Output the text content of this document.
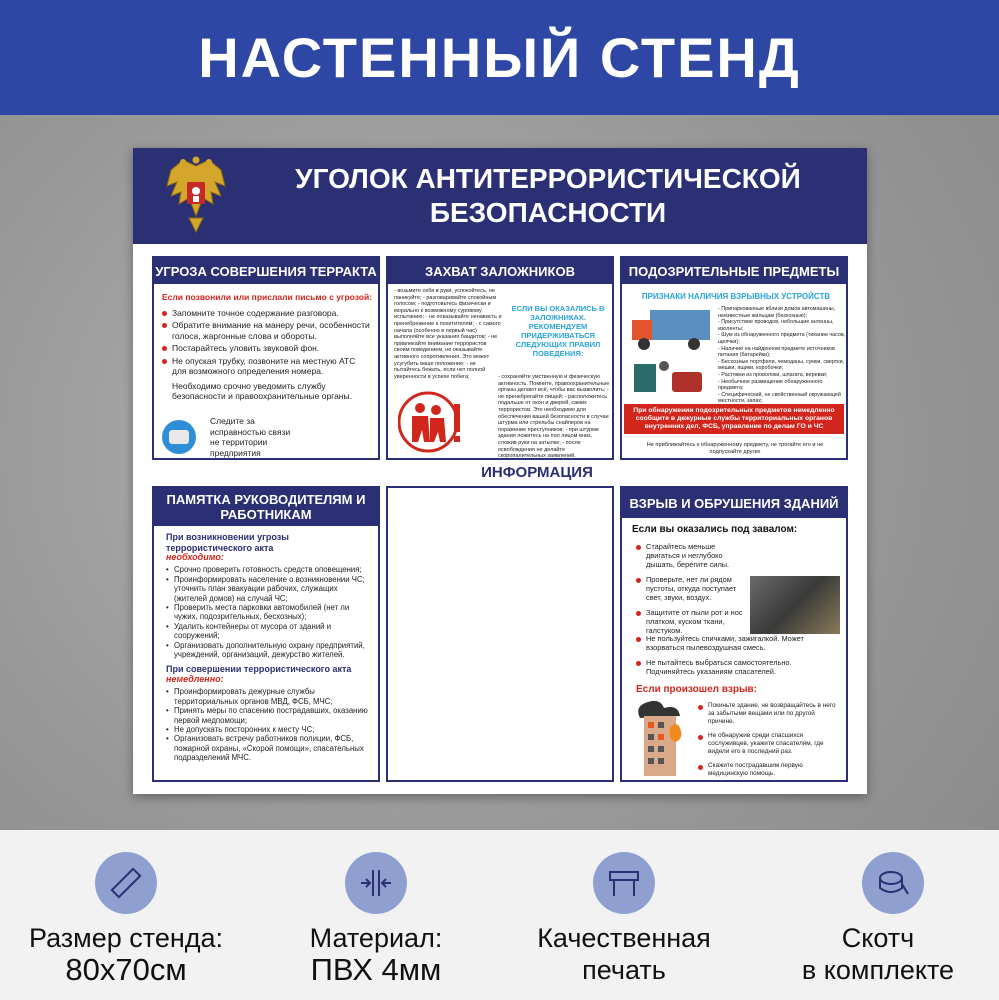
НАСТЕННЫЙ СТЕНД
УГОЛОК АНТИТЕРРОРИСТИЧЕСКОЙ
БЕЗОПАСНОСТИ
УГРОЗА СОВЕРШЕНИЯ ТЕРРАКТА
Если позвонили или прислали письмо с угрозой:
Запомните точное содержание разговора.
Обратите внимание на манеру речи, особенности голоса, жаргонные слова и обороты.
Постарайтесь уловить звуковой фон.
Не опуская трубку, позвоните на местную АТС для возможного определения номера.
Необходимо срочно уведомить службу безопасности и правоохранительные органы.
Следите за исправностью связи не территории предприятия
ЗАХВАТ ЗАЛОЖНИКОВ
- возьмите себя в руки, успокойтесь, не паникуйте; - разговаривайте спокойным голосом; - подготовьтесь физически и морально к возможному суровому испытанию; - не показывайте ненависть и пренебрежение к похитителям; - с самого начала (особенно в первый час) выполняйте все указания бандитов; - не привлекайте внимание террористов своим поведением, не оказывайте активного сопротивления. Это может усугубить ваше положение; - не пытайтесь бежать, если нет полной уверенности в успехе побега;
ЕСЛИ ВЫ ОКАЗАЛИСЬ В ЗАЛОЖНИКАХ. РЕКОМЕНДУЕМ ПРИДЕРЖИВАТЬСЯ СЛЕДУЮЩИХ ПРАВИЛ ПОВЕДЕНИЯ:
- сохраняйте умственную и физическую активность. Помните, правоохранительные органы делают всё, чтобы вас вызволить; - не пренебрегайте пищей; - расположитесь подальше от окон и дверей, самих террористов. Это необходимо для обеспечения вашей безопасности в случае штурма или стрельбы снайперов на поражение преступников; - при штурме здания ложитесь на пол лицом вниз, сложив руки на затылке; - после освобождения не делайте скоропалительных заявлений.
ПОДОЗРИТЕЛЬНЫЕ ПРЕДМЕТЫ
ПРИЗНАКИ НАЛИЧИЯ ВЗРЫВНЫХ УСТРОЙСТВ
- Припаркованные вблизи домов автомашины, неизвестные жильцам (безхозные);
- Присутствие проводов, небольшие антенны, изоленты;
- Шум из обнаруженного предмета (тикание часов, щелчки);
- Наличие на найденном предмете источников питания (батарейки);
- Бесхозные портфели, чемоданы, сумки, свертки, мешки, ящики, коробочки;
- Растяжки из проволоки, шпагата, веревки;
- Необычное размещение обнаруженного предмета;
- Специфический, не свойственный окружающей местности, запах;
При обнаружении подозрительных предметов немедленно сообщите в дежурные службы территориальных органов внутренних дел, ФСБ, управление по делам ГО и ЧС
Не приближайтесь к обнаруженному предмету, не трогайте его и не подпускайте других
ИНФОРМАЦИЯ
ПАМЯТКА РУКОВОДИТЕЛЯМ И РАБОТНИКАМ
При возникновении угрозы террористического акта
необходимо:
• Срочно проверить готовность средств оповещения;
• Проинформировать население о возникновении ЧС; уточнить план эвакуации рабочих, служащих (жителей домов) на случай ЧС;
• Проверить места парковки автомобилей (нет ли чужих, подозрительных, бесхозных);
• Удалить контейнеры от мусора от зданий и сооружений;
• Организовать дополнительную охрану предприятий, учреждений, организаций, дежурство жителей.
При совершении террористического акта
немедленно:
• Проинформировать дежурные службы территориальных органов МВД, ФСБ, МЧС;
• Принять меры по спасению пострадавших, оказанию первой медпомощи;
• Не допускать посторонних к месту ЧС;
• Организовать встречу работников полиции, ФСБ, пожарной охраны, «Скорой помощи», спасательных подразделений МЧС.
ВЗРЫВ И ОБРУШЕНИЯ ЗДАНИЙ
Если вы оказались под завалом:
Старайтесь меньше двигаться и неглубоко дышать, берегите силы.
Проверьте, нет ли рядом пустоты, откуда поступает свет, звуки, воздух.
Защитите от пыли рот и нос платком, куском ткани, галстуком.
Не пользуйтесь спичками, зажигалкой. Может взорваться пылевоздушная смесь.
Не пытайтесь выбраться самостоятельно. Подчиняйтесь указаниям спасателей.
Если произошел взрыв:
Покиньте здание, не возвращайтесь в него за забытыми вещами или по другой причине.
Не обнаружив среди спасшихся сослуживцев, укажите спасателям, где видели его в последний раз.
Скажите пострадавшим первую медицинскую помощь.
Размер стенда:
80х70см
Материал:
ПВХ 4мм
Качественная
печать
Скотч
в комплекте
